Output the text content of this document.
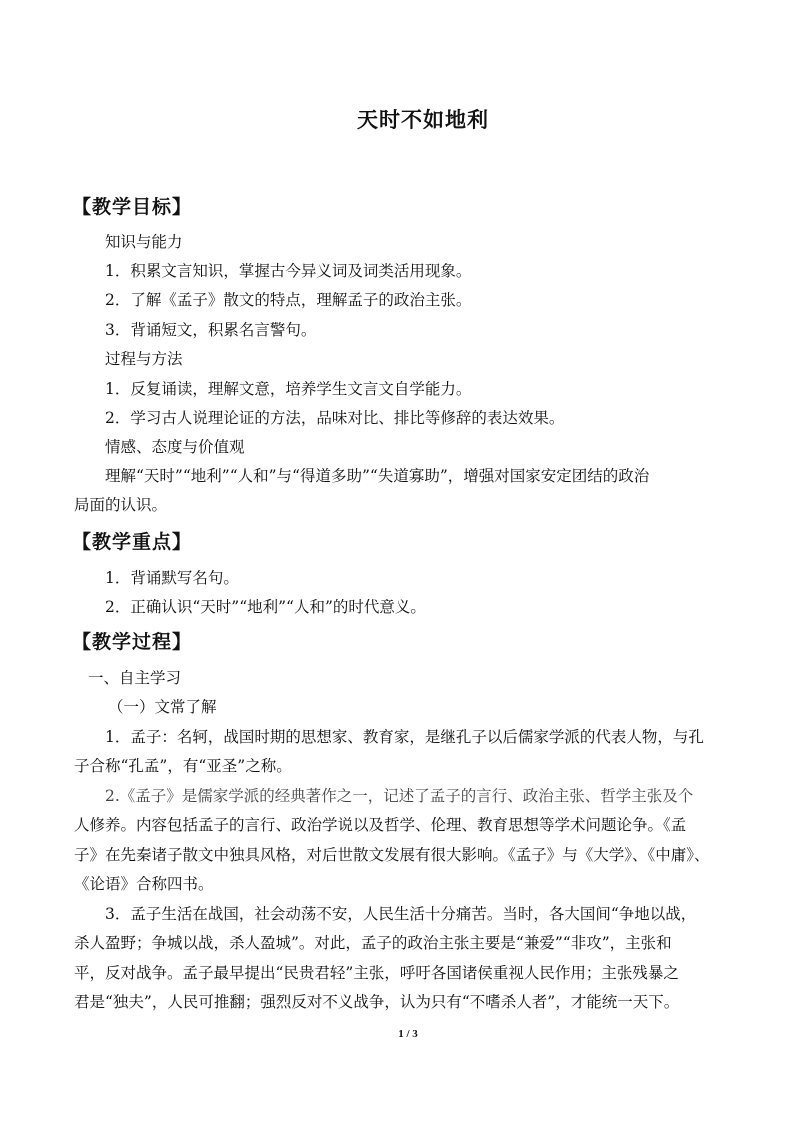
天时不如地利
【教学目标】
知识与能力
1．积累文言知识，掌握古今异义词及词类活用现象。
2．了解《孟子》散文的特点，理解孟子的政治主张。
3．背诵短文，积累名言警句。
过程与方法
1．反复诵读，理解文意，培养学生文言文自学能力。
2．学习古人说理论证的方法，品味对比、排比等修辞的表达效果。
情感、态度与价值观
理解“天时”“地利”“人和”与“得道多助”“失道寡助”，增强对国家安定团结的政治
局面的认识。
【教学重点】
1．背诵默写名句。
2．正确认识“天时”“地利”“人和”的时代意义。
【教学过程】
一、自主学习
（一）文常了解
1．孟子：名轲，战国时期的思想家、教育家，是继孔子以后儒家学派的代表人物，与孔
子合称“孔孟”，有“亚圣”之称。
2.《孟子》是儒家学派的经典著作之一，记述了孟子的言行、政治主张、哲学主张及个
人修养。内容包括孟子的言行、政治学说以及哲学、伦理、教育思想等学术问题论争。《孟
子》在先秦诸子散文中独具风格，对后世散文发展有很大影响。《孟子》与《大学》、《中庸》、
《论语》合称四书。
3．孟子生活在战国，社会动荡不安，人民生活十分痛苦。当时，各大国间“争地以战，
杀人盈野；争城以战，杀人盈城”。对此，孟子的政治主张主要是“兼爱”“非攻”，主张和
平，反对战争。孟子最早提出“民贵君轻”主张，呼吁各国诸侯重视人民作用；主张残暴之
君是“独夫”，人民可推翻；强烈反对不义战争，认为只有“不嗜杀人者”，才能统一天下。
1 / 3
